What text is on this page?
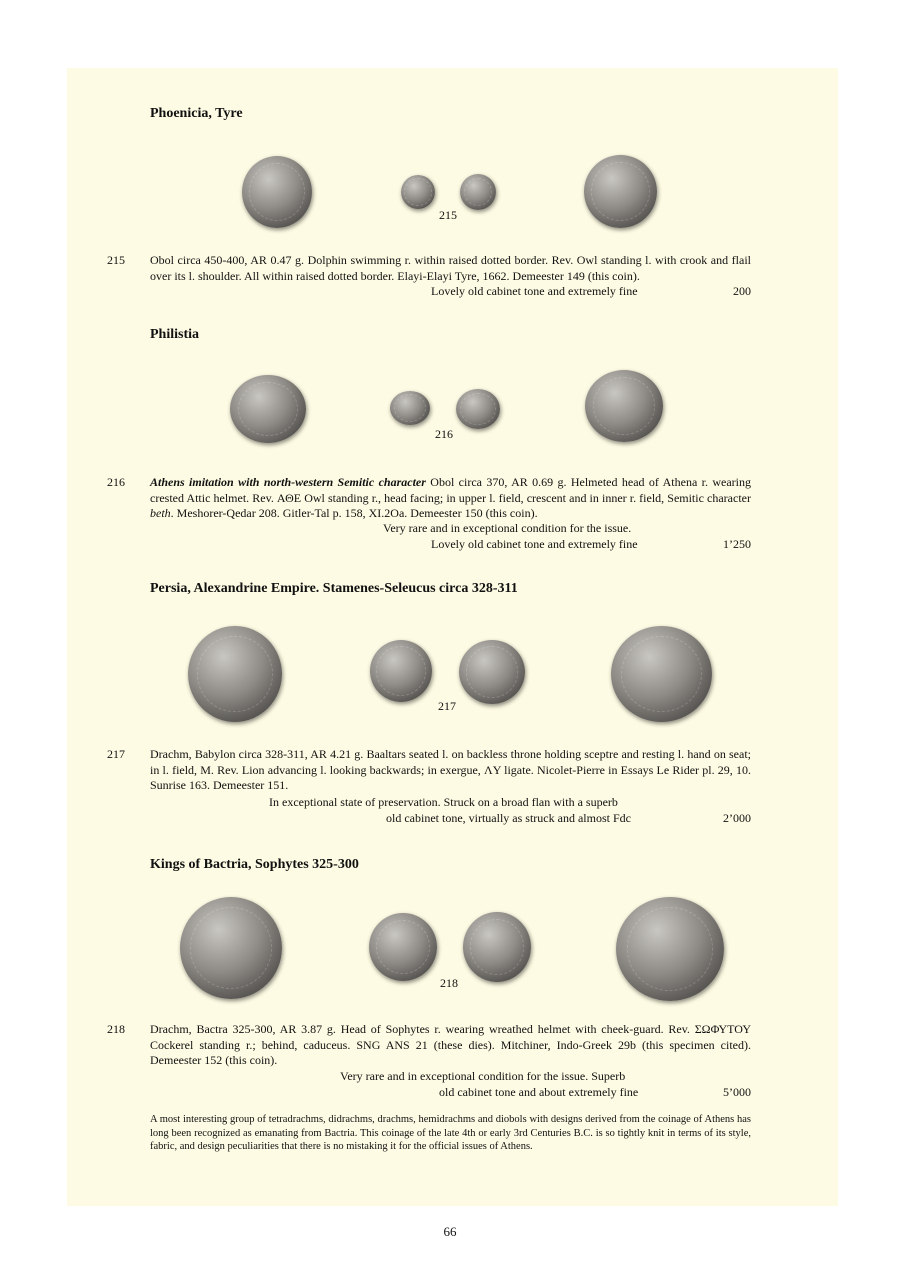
Phoenicia, Tyre
215
215 Obol circa 450-400, AR 0.47 g. Dolphin swimming r. within raised dotted border. Rev. Owl standing l. with crook and flail over its l. shoulder. All within raised dotted border. Elayi-Elayi Tyre, 1662. Demeester 149 (this coin).

Lovely old cabinet tone and extremely fine	200
Philistia
216
216 Athens imitation with north-western Semitic character Obol circa 370, AR 0.69 g. Helmeted head of Athena r. wearing crested Attic helmet. Rev. ΑΘΕ Owl standing r., head facing; in upper l. field, crescent and in inner r. field, Semitic character beth. Meshorer-Qedar 208. Gitler-Tal p. 158, XI.2Oa. Demeester 150 (this coin).

Very rare and in exceptional condition for the issue.
Lovely old cabinet tone and extremely fine	1’250
Persia, Alexandrine Empire. Stamenes-Seleucus circa 328-311
217
217 Drachm, Babylon circa 328-311, AR 4.21 g. Baaltars seated l. on backless throne holding sceptre and resting l. hand on seat; in l. field, M. Rev. Lion advancing l. looking backwards; in exergue, ΛY ligate. Nicolet-Pierre in Essays Le Rider pl. 29, 10. Sunrise 163. Demeester 151.

In exceptional state of preservation. Struck on a broad flan with a superb
old cabinet tone, virtually as struck and almost Fdc	2’000
Kings of Bactria, Sophytes 325-300
218
218 Drachm, Bactra 325-300, AR 3.87 g. Head of Sophytes r. wearing wreathed helmet with cheek-guard. Rev. ΣΩΦΥΤΟΥ Cockerel standing r.; behind, caduceus. SNG ANS 21 (these dies). Mitchiner, Indo-Greek 29b (this specimen cited). Demeester 152 (this coin).

Very rare and in exceptional condition for the issue. Superb
old cabinet tone and about extremely fine	5’000

A most interesting group of tetradrachms, didrachms, drachms, hemidrachms and diobols with designs derived from the coinage of Athens has long been recognized as emanating from Bactria. This coinage of the late 4th or early 3rd Centuries B.C. is so tightly knit in terms of its style, fabric, and design peculiarities that there is no mistaking it for the official issues of Athens.

66
